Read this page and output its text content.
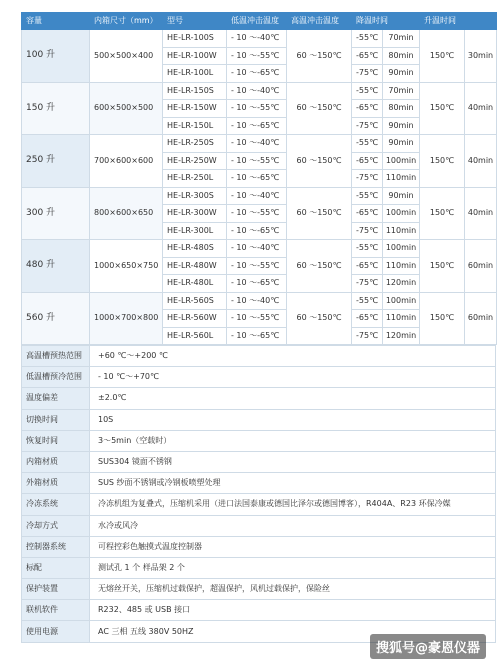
容量	内箱尺寸（mm）	型号	低温冲击温度	高温冲击温度	降温时间		升温时间	
100 升	500×500×400	HE-LR-100S	- 10 ～-40℃	60 ～150℃	-55℃	70min	150℃	30min
		HE-LR-100W	- 10 ～-55℃		-65℃	80min		
		HE-LR-100L	- 10 ～-65℃		-75℃	90min		
150 升	600×500×500	HE-LR-150S	- 10 ～-40℃	60 ～150℃	-55℃	70min	150℃	40min
		HE-LR-150W	- 10 ～-55℃		-65℃	80min		
		HE-LR-150L	- 10 ～-65℃		-75℃	90min		
250 升	700×600×600	HE-LR-250S	- 10 ～-40℃	60 ～150℃	-55℃	90min	150℃	40min
		HE-LR-250W	- 10 ～-55℃		-65℃	100min		
		HE-LR-250L	- 10 ～-65℃		-75℃	110min		
300 升	800×600×650	HE-LR-300S	- 10 ～-40℃	60 ～150℃	-55℃	90min	150℃	40min
		HE-LR-300W	- 10 ～-55℃		-65℃	100min		
		HE-LR-300L	- 10 ～-65℃		-75℃	110min		
480 升	1000×650×750	HE-LR-480S	- 10 ～-40℃	60 ～150℃	-55℃	100min	150℃	60min
		HE-LR-480W	- 10 ～-55℃		-65℃	110min		
		HE-LR-480L	- 10 ～-65℃		-75℃	120min		
560 升	1000×700×800	HE-LR-560S	- 10 ～-40℃	60 ～150℃	-55℃	100min	150℃	60min
		HE-LR-560W	- 10 ～-55℃		-65℃	110min		
		HE-LR-560L	- 10 ～-65℃		-75℃	120min		
高温槽预热范围	+60 ℃～+200 ℃
低温槽预冷范围	- 10 ℃～+70℃
温度偏差	±2.0℃
切换时间	10S
恢复时间	3～5min（空载时）
内箱材质	SUS304 镜面不锈钢
外箱材质	SUS 纱面不锈钢或冷钢板喷塑处理
冷冻系统	冷冻机组为复叠式，压缩机采用（进口法国泰康或德国比泽尔或德国博客），R404A、R23 环保冷媒
冷却方式	水冷或风冷
控制器系统	可程控彩色触摸式温度控制器
标配	测试孔 1 个 样品架 2 个
保护装置	无熔丝开关，压缩机过载保护，超温保护，风机过载保护，保险丝
联机软件	R232、485 或 USB 接口
使用电源	AC 三相 五线 380V 50HZ
搜狐号@豪恩仪器
